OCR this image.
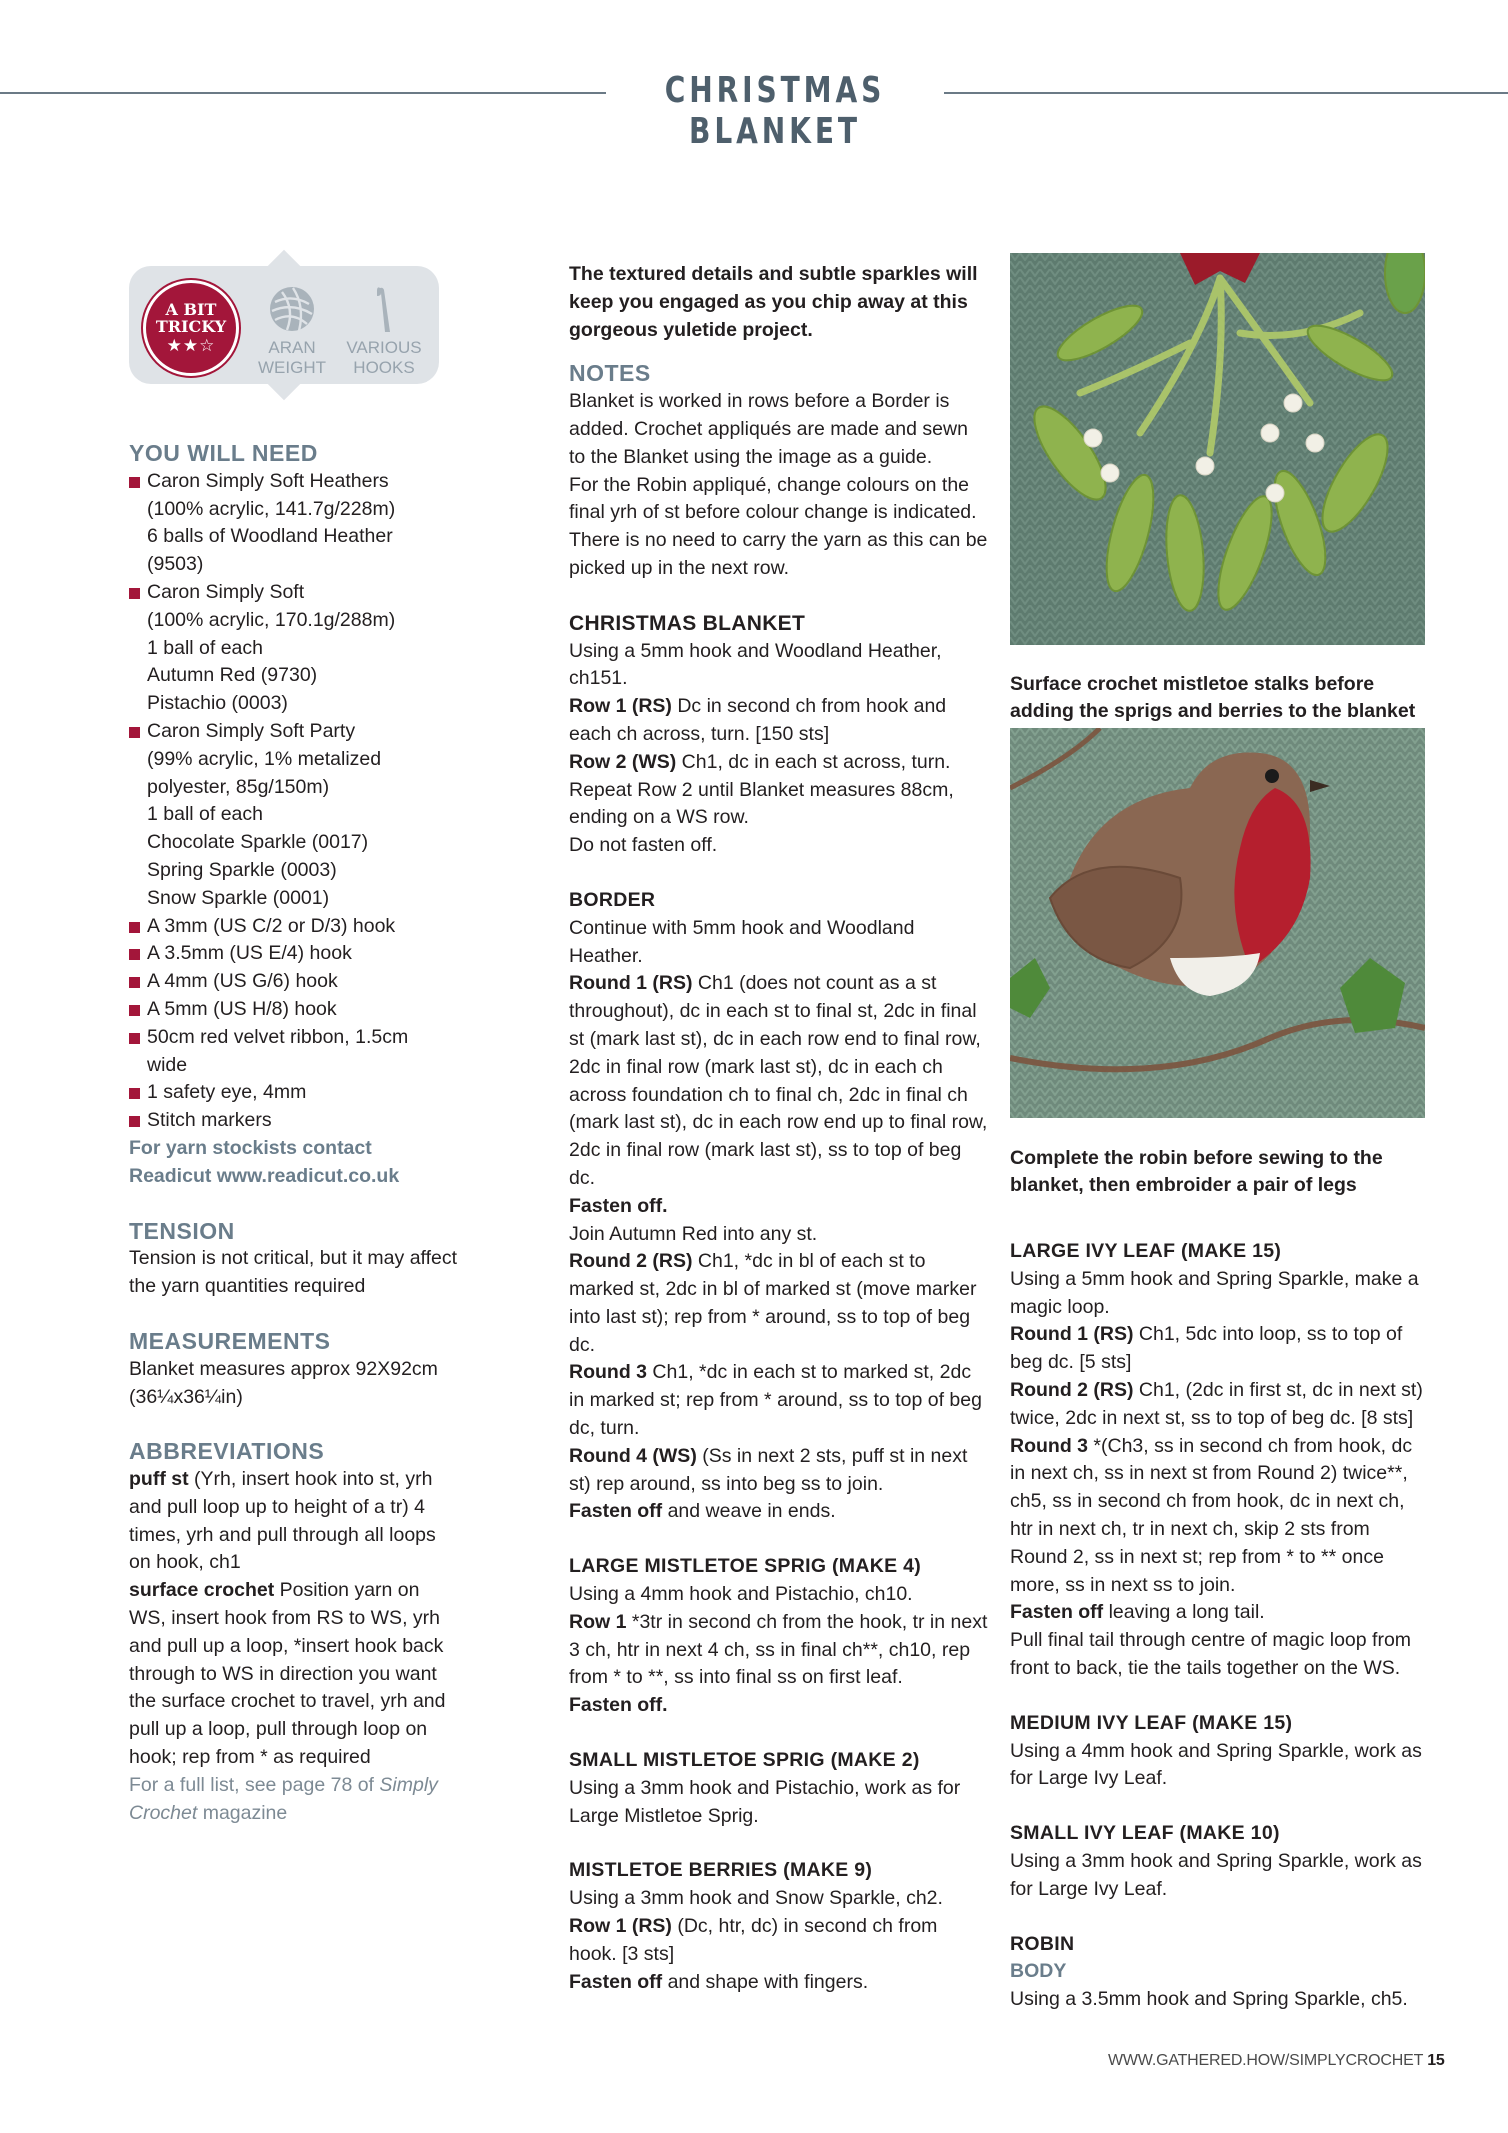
CHRISTMAS BLANKET
A BIT
TRICKY
★★☆	ARAN
WEIGHT
VARIOUS
HOOKS

YOU WILL NEED

Caron Simply Soft Heathers
(100% acrylic, 141.7g/228m)
6 balls of Woodland Heather
(9503)
Caron Simply Soft
(100% acrylic, 170.1g/288m)
1 ball of each
Autumn Red (9730)
Pistachio (0003)
Caron Simply Soft Party
(99% acrylic, 1% metalized
polyester, 85g/150m)
1 ball of each
Chocolate Sparkle (0017)
Spring Sparkle (0003)
Snow Sparkle (0001)
A 3mm (US C/2 or D/3) hook
A 3.5mm (US E/4) hook
A 4mm (US G/6) hook
A 5mm (US H/8) hook
50cm red velvet ribbon, 1.5cm
wide
1 safety eye, 4mm
Stitch markers

For yarn stockists contact

Readicut www.readicut.co.uk

TENSION

Tension is not critical, but it may affect the yarn quantities required

MEASUREMENTS

Blanket measures approx 92X92cm (36¼x36¼in)

ABBREVIATIONS

puff st (Yrh, insert hook into st, yrh and pull loop up to height of a tr) 4 times, yrh and pull through all loops on hook, ch1

surface crochet Position yarn on WS, insert hook from RS to WS, yrh and pull up a loop, *insert hook back through to WS in direction you want the surface crochet to travel, yrh and pull up a loop, pull through loop on hook; rep from * as required

For a full list, see page 78 of Simply Crochet magazine

The textured details and subtle sparkles will keep you engaged as you chip away at this gorgeous yuletide project.

NOTES

Blanket is worked in rows before a Border is added. Crochet appliqués are made and sewn to the Blanket using the image as a guide.

For the Robin appliqué, change colours on the final yrh of st before colour change is indicated. There is no need to carry the yarn as this can be picked up in the next row.

CHRISTMAS BLANKET

Using a 5mm hook and Woodland Heather, ch151.

Row 1 (RS) Dc in second ch from hook and each ch across, turn. [150 sts]

Row 2 (WS) Ch1, dc in each st across, turn.

Repeat Row 2 until Blanket measures 88cm, ending on a WS row.

Do not fasten off.

BORDER

Continue with 5mm hook and Woodland Heather.

Round 1 (RS) Ch1 (does not count as a st throughout), dc in each st to final st, 2dc in final st (mark last st), dc in each row end to final row, 2dc in final row (mark last st), dc in each ch across foundation ch to final ch, 2dc in final ch (mark last st), dc in each row end up to final row, 2dc in final row (mark last st), ss to top of beg dc.

Fasten off.

Join Autumn Red into any st.

Round 2 (RS) Ch1, *dc in bl of each st to marked st, 2dc in bl of marked st (move marker into last st); rep from * around, ss to top of beg dc.

Round 3 Ch1, *dc in each st to marked st, 2dc in marked st; rep from * around, ss to top of beg dc, turn.

Round 4 (WS) (Ss in next 2 sts, puff st in next st) rep around, ss into beg ss to join.

Fasten off and weave in ends.

LARGE MISTLETOE SPRIG (MAKE 4)

Using a 4mm hook and Pistachio, ch10.

Row 1 *3tr in second ch from the hook, tr in next 3 ch, htr in next 4 ch, ss in final ch**, ch10, rep from * to **, ss into final ss on first leaf.

Fasten off.

SMALL MISTLETOE SPRIG (MAKE 2)

Using a 3mm hook and Pistachio, work as for Large Mistletoe Sprig.

MISTLETOE BERRIES (MAKE 9)

Using a 3mm hook and Snow Sparkle, ch2.

Row 1 (RS) (Dc, htr, dc) in second ch from hook. [3 sts]

Fasten off and shape with fingers.

Surface crochet mistletoe stalks before adding the sprigs and berries to the blanket

Complete the robin before sewing to the blanket, then embroider a pair of legs

LARGE IVY LEAF (MAKE 15)

Using a 5mm hook and Spring Sparkle, make a magic loop.

Round 1 (RS) Ch1, 5dc into loop, ss to top of beg dc. [5 sts]

Round 2 (RS) Ch1, (2dc in first st, dc in next st) twice, 2dc in next st, ss to top of beg dc. [8 sts]

Round 3 *(Ch3, ss in second ch from hook, dc in next ch, ss in next st from Round 2) twice**, ch5, ss in second ch from hook, dc in next ch, htr in next ch, tr in next ch, skip 2 sts from Round 2, ss in next st; rep from * to ** once more, ss in next ss to join.

Fasten off leaving a long tail.

Pull final tail through centre of magic loop from front to back, tie the tails together on the WS.

MEDIUM IVY LEAF (MAKE 15)

Using a 4mm hook and Spring Sparkle, work as for Large Ivy Leaf.

SMALL IVY LEAF (MAKE 10)

Using a 3mm hook and Spring Sparkle, work as for Large Ivy Leaf.

ROBIN

BODY

Using a 3.5mm hook and Spring Sparkle, ch5.

WWW.GATHERED.HOW/SIMPLYCROCHET 15
